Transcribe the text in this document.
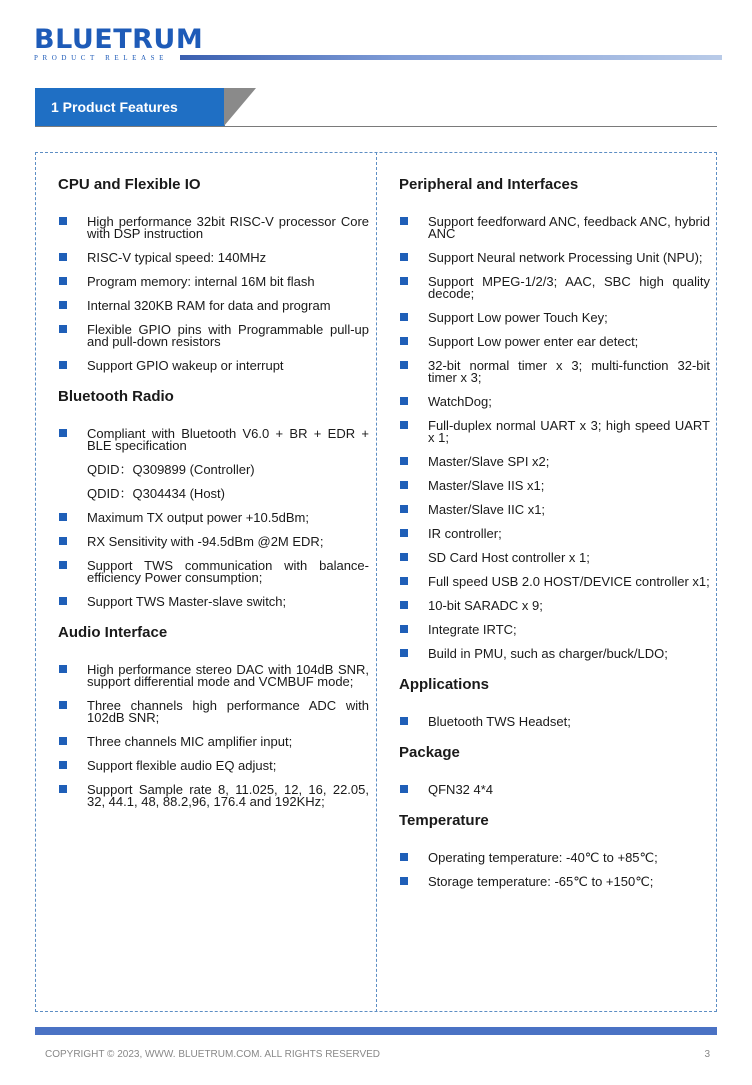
BLUETRUM
PRODUCT RELEASE
1 Product Features
CPU and Flexible IO
High performance 32bit RISC-V processor Core with DSP instruction
RISC-V typical speed: 140MHz
Program memory: internal 16M bit flash
Internal 320KB RAM for data and program
Flexible GPIO pins with Programmable pull-up and pull-down resistors
Support GPIO wakeup or interrupt
Bluetooth Radio
Compliant with Bluetooth V6.0 + BR + EDR + BLE specification
QDID：Q309899 (Controller)
QDID：Q304434 (Host)
Maximum TX output power +10.5dBm;
RX Sensitivity with -94.5dBm @2M EDR;
Support TWS communication with balance-efficiency Power consumption;
Support TWS Master-slave switch;
Audio Interface
High performance stereo DAC with 104dB SNR, support differential mode and VCMBUF mode;
Three channels high performance ADC with 102dB SNR;
Three channels MIC amplifier input;
Support flexible audio EQ adjust;
Support Sample rate 8, 11.025, 12, 16, 22.05, 32, 44.1, 48, 88.2,96, 176.4 and 192KHz;
Peripheral and Interfaces
Support feedforward ANC, feedback ANC, hybrid ANC
Support Neural network Processing Unit (NPU);
Support MPEG-1/2/3; AAC, SBC high quality decode;
Support Low power Touch Key;
Support Low power enter ear detect;
32-bit normal timer x 3; multi-function 32-bit timer x 3;
WatchDog;
Full-duplex normal UART x 3; high speed UART x 1;
Master/Slave SPI x2;
Master/Slave IIS x1;
Master/Slave IIC x1;
IR controller;
SD Card Host controller x 1;
Full speed USB 2.0 HOST/DEVICE controller x1;
10-bit SARADC x 9;
Integrate IRTC;
Build in PMU, such as charger/buck/LDO;
Applications
Bluetooth TWS Headset;
Package
QFN32 4*4
Temperature
Operating temperature: -40℃ to +85℃;
Storage temperature: -65℃ to +150℃;
COPYRIGHT © 2023, WWW. BLUETRUM.COM. ALL RIGHTS RESERVED	3
